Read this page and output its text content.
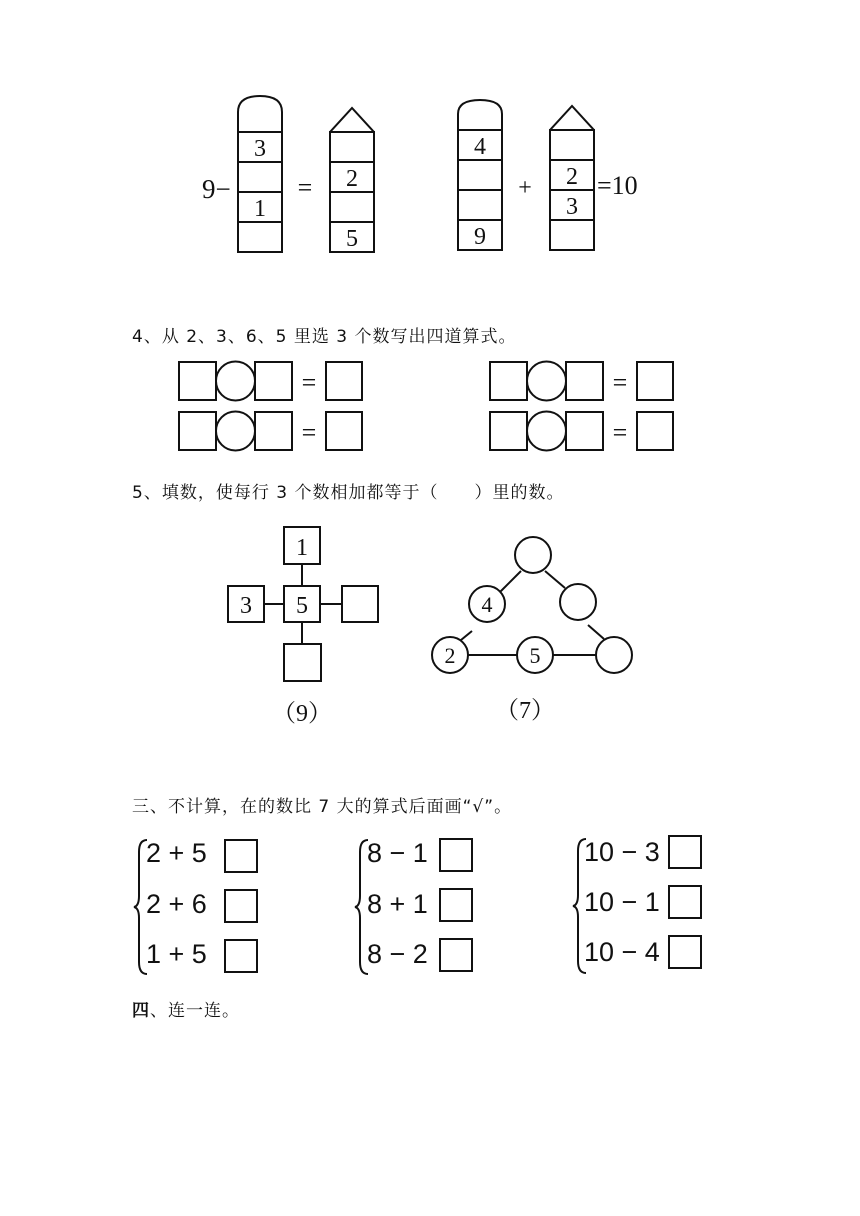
9−
3
1
= 2
5
4
9
+ 2
3
=10
4、从 2、3、6、5 里选 3 个数写出四道算式。
=
=
=
=
5、填数，使每行 3 个数相加都等于（　　）里的数。
1
3 5
（9）
4
2	5
（7）
三、不计算，在的数比 7 大的算式后面画“√”。
2 + 5
2 + 6
1 + 5
8 − 1
8 + 1
8 − 2
10 − 3
10 − 1
10 − 4
四、连一连。
